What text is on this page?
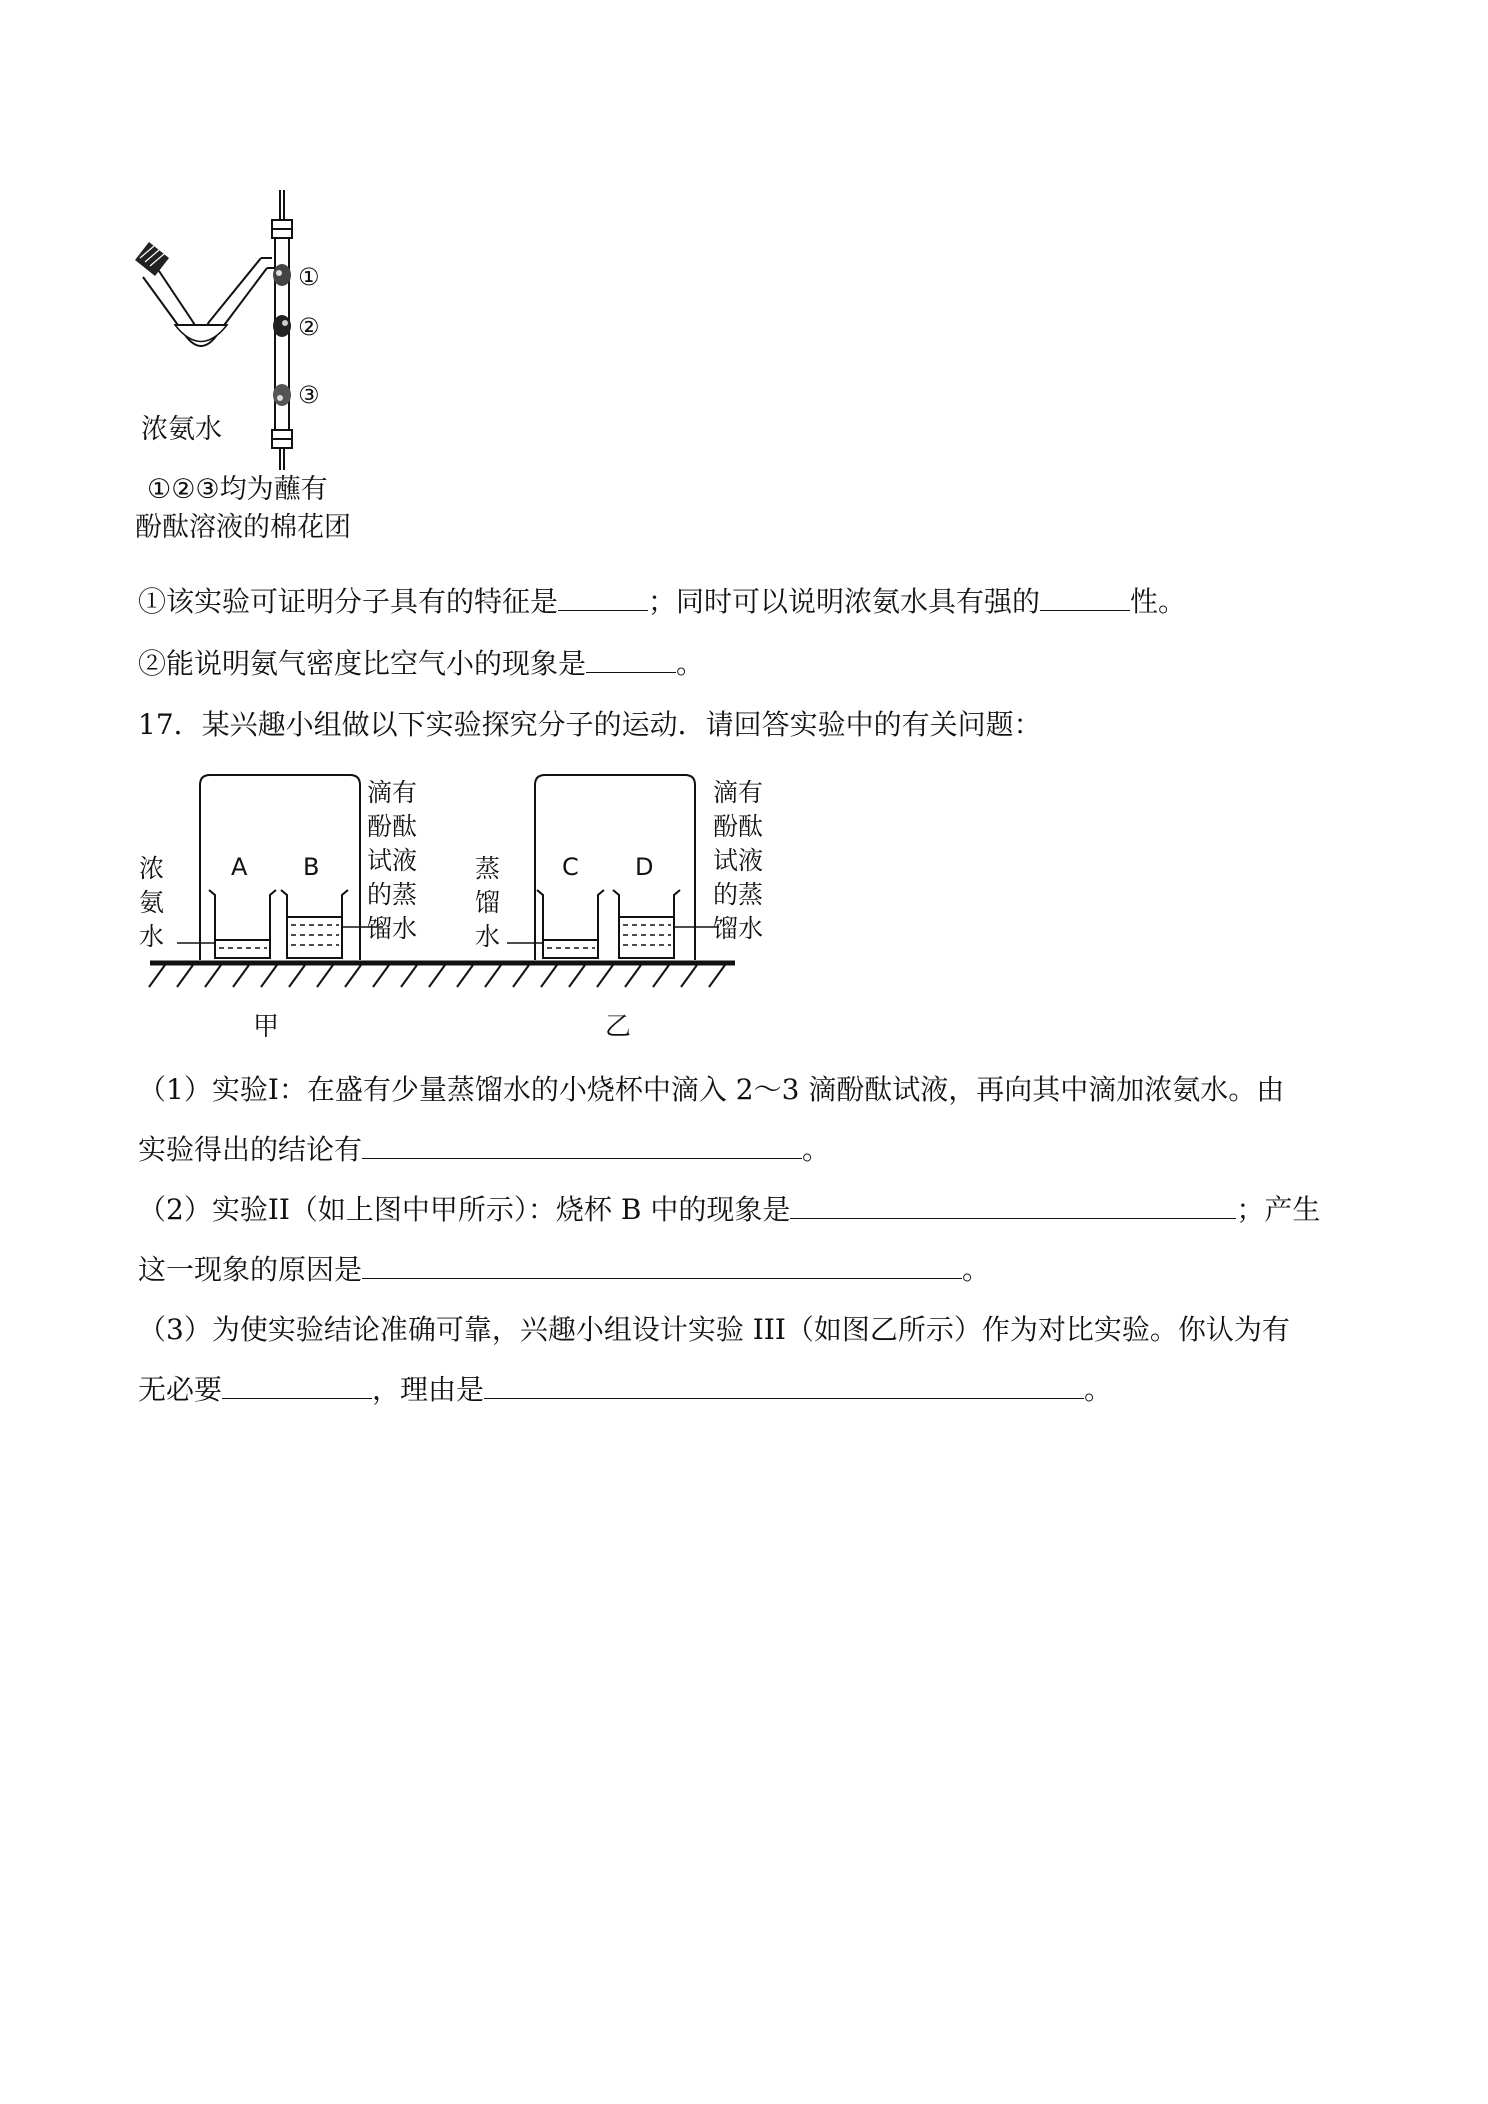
①
②
③
浓氨水
①②③均为蘸有
酚酞溶液的棉花团
①该实验可证明分子具有的特征是	；同时可以说明浓氨水具有强的	性。
②能说明氨气密度比空气小的现象是	。
17．某兴趣小组做以下实验探究分子的运动．请回答实验中的有关问题：
A B
浓
氨
水
滴有
酚酞
试液
的蒸
馏水
C D
蒸
馏
水
滴有
酚酞
试液
的蒸
馏水
甲	乙
（1）实验I：在盛有少量蒸馏水的小烧杯中滴入 2～3 滴酚酞试液，再向其中滴加浓氨水。由
实验得出的结论有	。
（2）实验II（如上图中甲所示）：烧杯 B 中的现象是	；产生
这一现象的原因是	。
（3）为使实验结论准确可靠，兴趣小组设计实验 III（如图乙所示）作为对比实验。你认为有
无必要	，理由是	。
